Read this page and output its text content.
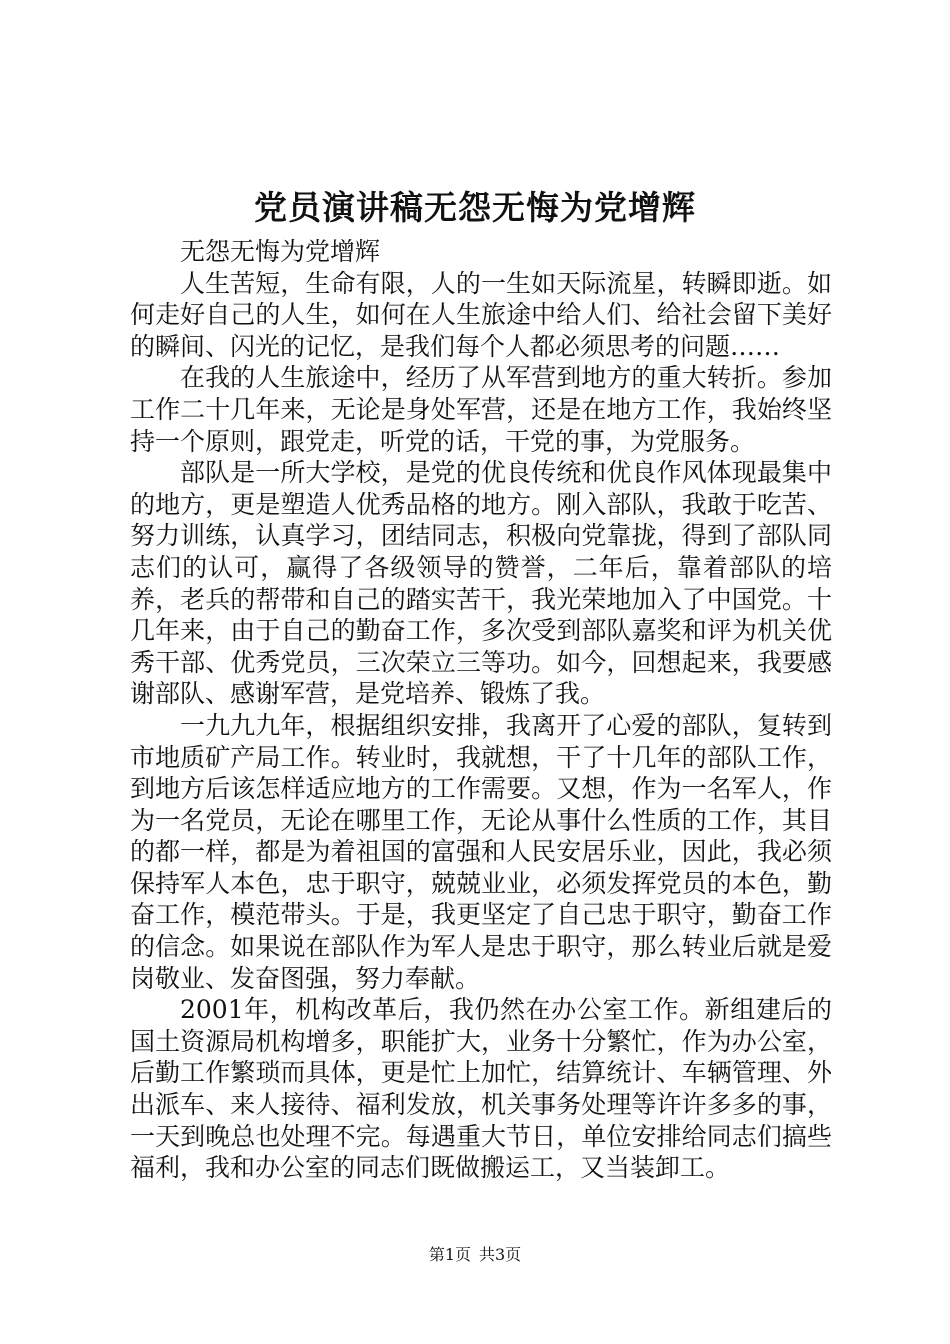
党员演讲稿无怨无悔为党增辉

无怨无悔为党增辉

人生苦短，生命有限，人的一生如天际流星，转瞬即逝。如何走好自己的人生，如何在人生旅途中给人们、给社会留下美好的瞬间、闪光的记忆，是我们每个人都必须思考的问题……

在我的人生旅途中，经历了从军营到地方的重大转折。参加工作二十几年来，无论是身处军营，还是在地方工作，我始终坚持一个原则，跟党走，听党的话，干党的事，为党服务。

部队是一所大学校，是党的优良传统和优良作风体现最集中的地方，更是塑造人优秀品格的地方。刚入部队，我敢于吃苦、努力训练，认真学习，团结同志，积极向党靠拢，得到了部队同志们的认可，赢得了各级领导的赞誉，二年后，靠着部队的培养，老兵的帮带和自己的踏实苦干，我光荣地加入了中国党。十几年来，由于自己的勤奋工作，多次受到部队嘉奖和评为机关优秀干部、优秀党员，三次荣立三等功。如今，回想起来，我要感谢部队、感谢军营，是党培养、锻炼了我。

一九九九年，根据组织安排，我离开了心爱的部队，复转到市地质矿产局工作。转业时，我就想，干了十几年的部队工作，到地方后该怎样适应地方的工作需要。又想，作为一名军人，作为一名党员，无论在哪里工作，无论从事什么性质的工作，其目的都一样，都是为着祖国的富强和人民安居乐业，因此，我必须保持军人本色，忠于职守，兢兢业业，必须发挥党员的本色，勤奋工作，模范带头。于是，我更坚定了自己忠于职守，勤奋工作的信念。如果说在部队作为军人是忠于职守，那么转业后就是爱岗敬业、发奋图强，努力奉献。

2001年，机构改革后，我仍然在办公室工作。新组建后的国土资源局机构增多，职能扩大，业务十分繁忙，作为办公室，后勤工作繁琐而具体，更是忙上加忙，结算统计、车辆管理、外出派车、来人接待、福利发放，机关事务处理等许许多多的事，一天到晚总也处理不完。每遇重大节日，单位安排给同志们搞些福利，我和办公室的同志们既做搬运工，又当装卸工。

第1页 共3页
